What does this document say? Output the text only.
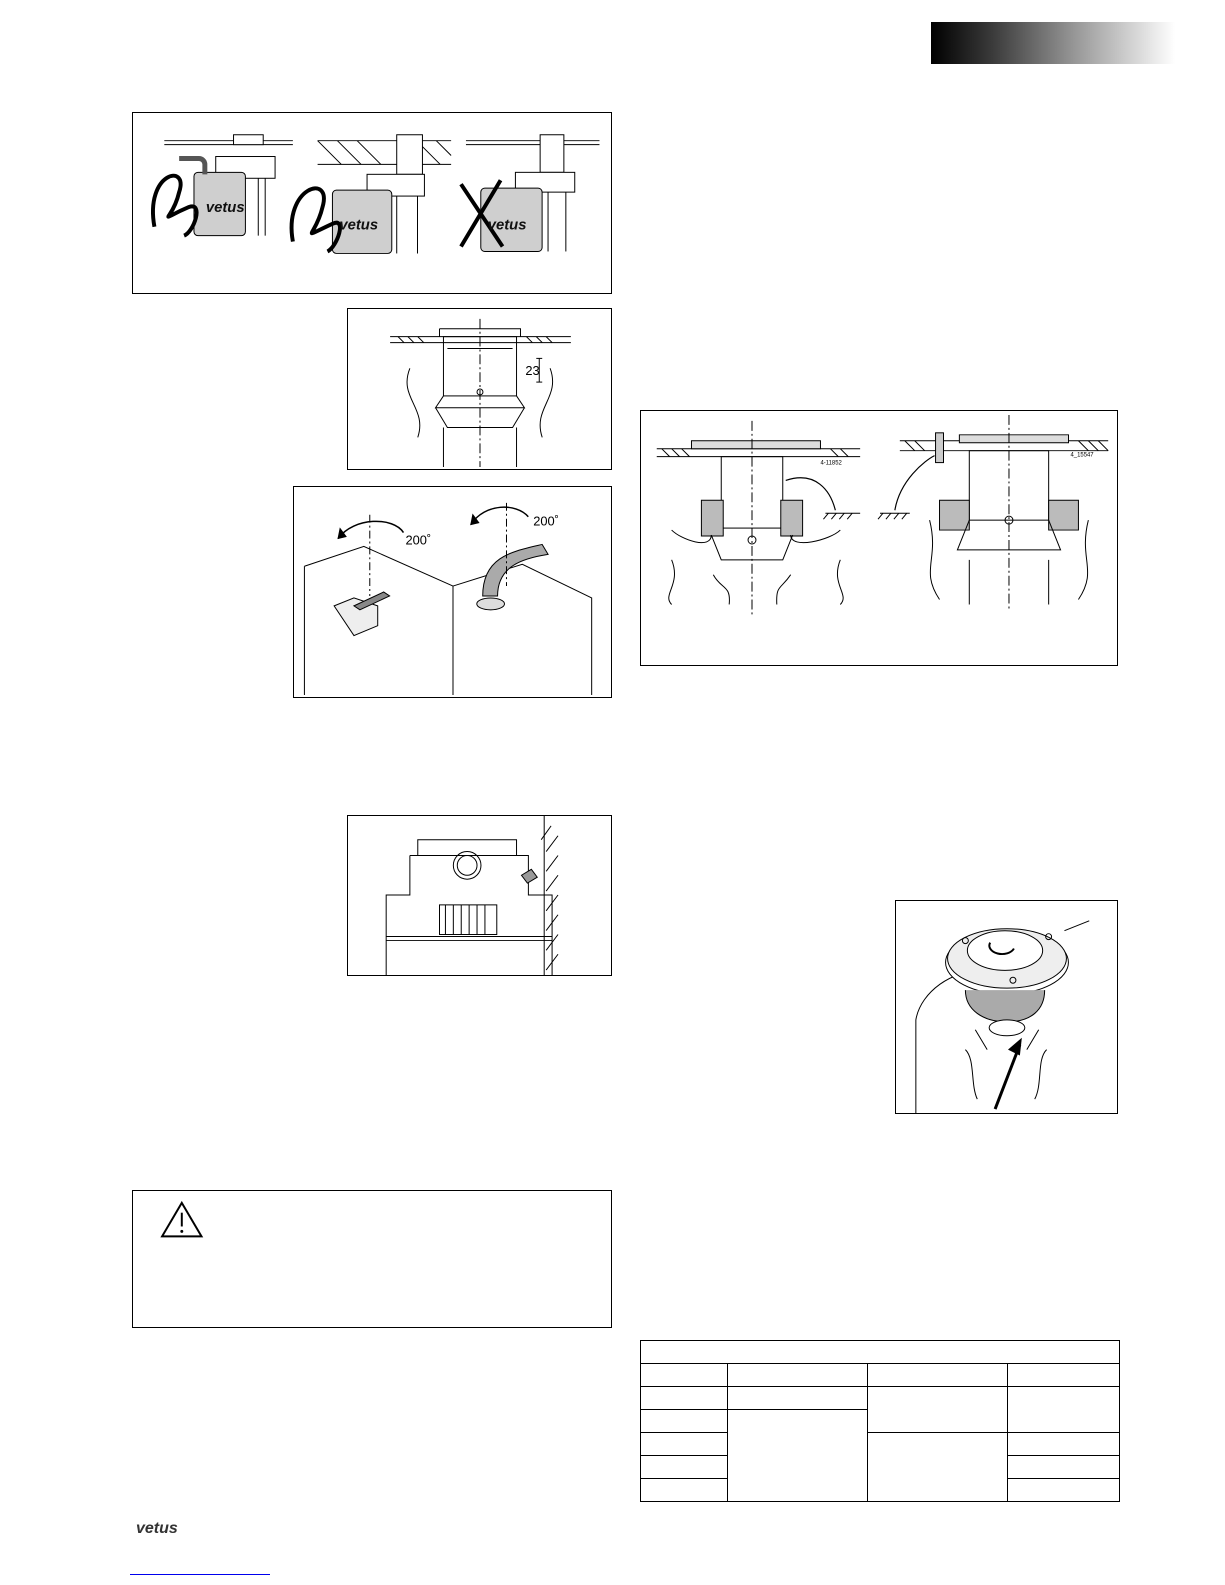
vetus
vetus	vetus
23
200˚
200˚
4-11852
4_15547

vetus
